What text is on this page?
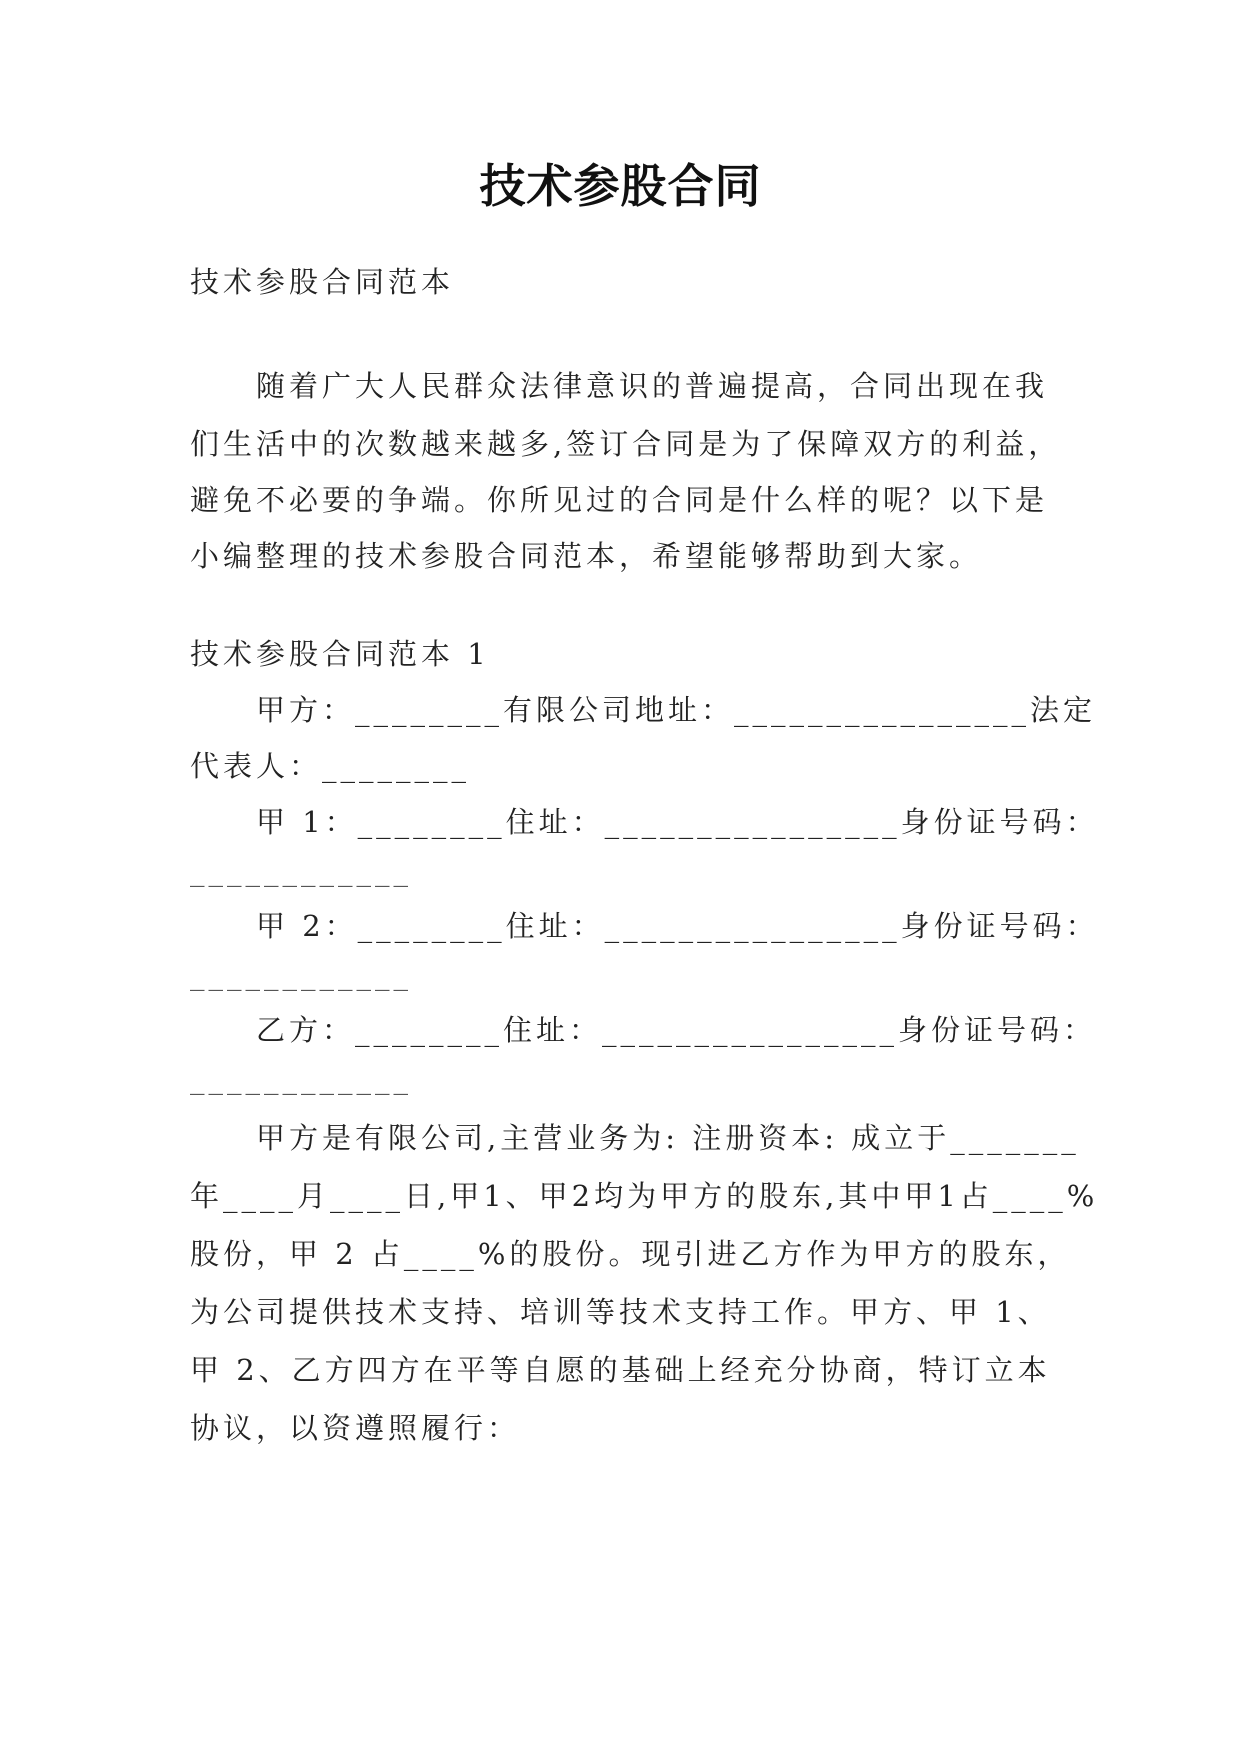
技术参股合同
技术参股合同范本
随着广大人民群众法律意识的普遍提高，合同出现在我
们生活中的次数越来越多,签订合同是为了保障双方的利益，
避免不必要的争端。你所见过的合同是什么样的呢？以下是
小编整理的技术参股合同范本，希望能够帮助到大家。
技术参股合同范本 1
甲方：________有限公司地址：________________法定
代表人：________
甲 1：________住址：________________身份证号码：
____________
甲 2：________住址：________________身份证号码：
____________
乙方：________住址：________________身份证号码：
____________
甲方是有限公司,主营业务为: 注册资本: 成立于_______
年____月____日,甲1、甲2均为甲方的股东,其中甲1占____%
股份，甲 2 占____%的股份。现引进乙方作为甲方的股东，
为公司提供技术支持、培训等技术支持工作。甲方、甲 1、
甲 2、乙方四方在平等自愿的基础上经充分协商，特订立本
协议，以资遵照履行：
